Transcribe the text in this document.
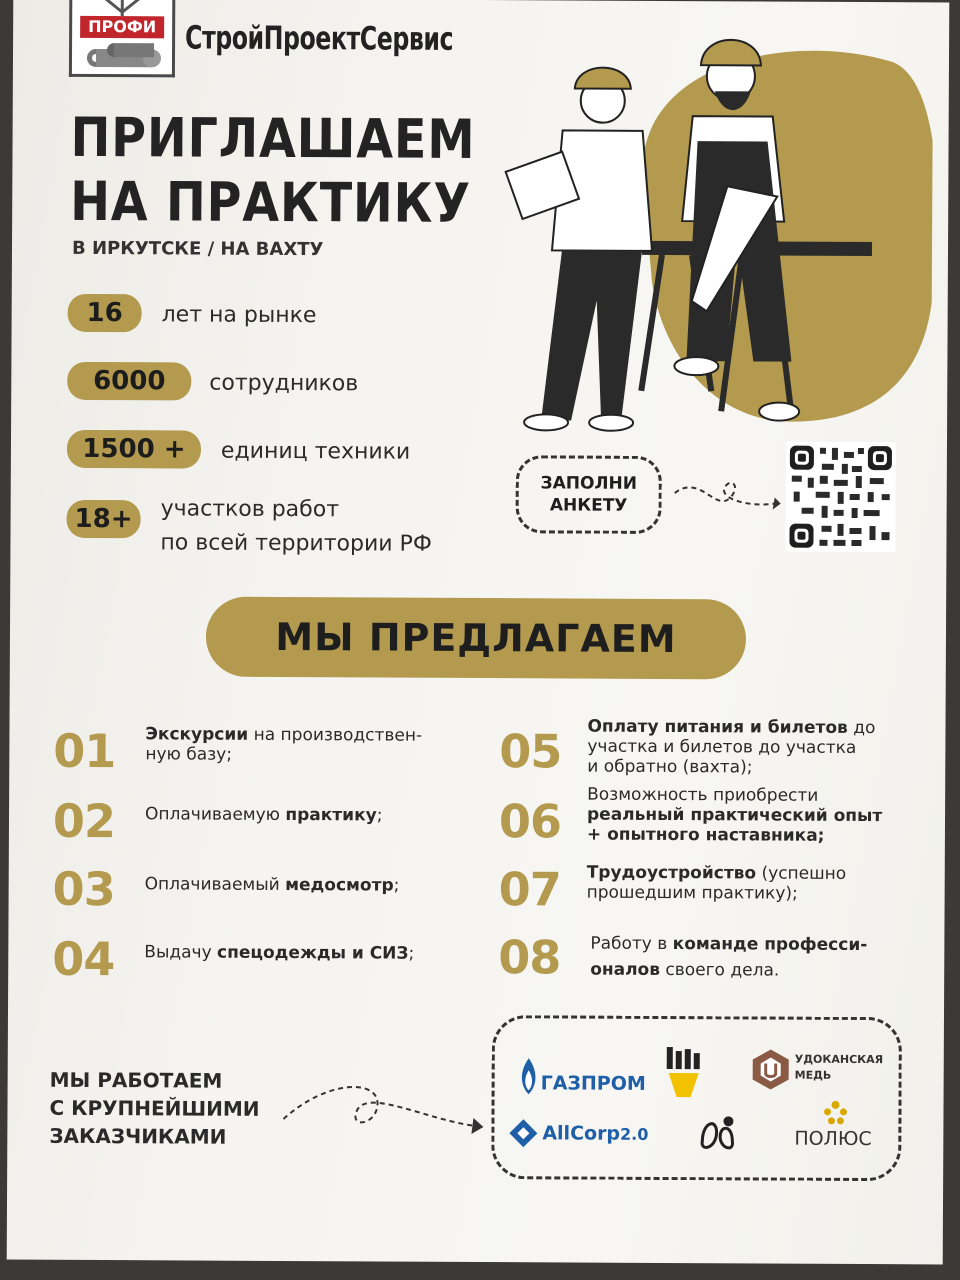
ПРОФИ СтройПроектСервис
ПРИГЛАШАЕМ
НА ПРАКТИКУ
В ИРКУТСКЕ / НА ВАХТУ
16	лет на рынке
6000	сотрудников
1500 +	единиц техники
18+	участков работ
по всей территории РФ
ЗАПОЛНИ
АНКЕТУ
МЫ ПРЕДЛАГАЕМ
01 Экскурсии на производствен-
ную базу;
02 Оплачиваемую практику;
03 Оплачиваемый медосмотр;
04 Выдачу спецодежды и СИЗ;
05 Оплату питания и билетов до
участка и билетов до участка
и обратно (вахта);
06 Возможность приобрести
реальный практический опыт
+ опытного наставника;
07 Трудоустройство (успешно
прошедшим практику);
08 Работу в команде професси-
оналов своего дела.
МЫ РАБОТАЕМ
С КРУПНЕЙШИМИ
ЗАКАЗЧИКАМИ
ГАЗПРОМ
УДОКАНСКАЯ
МЕДЬ
AllCorp2.0	ПОЛЮС
